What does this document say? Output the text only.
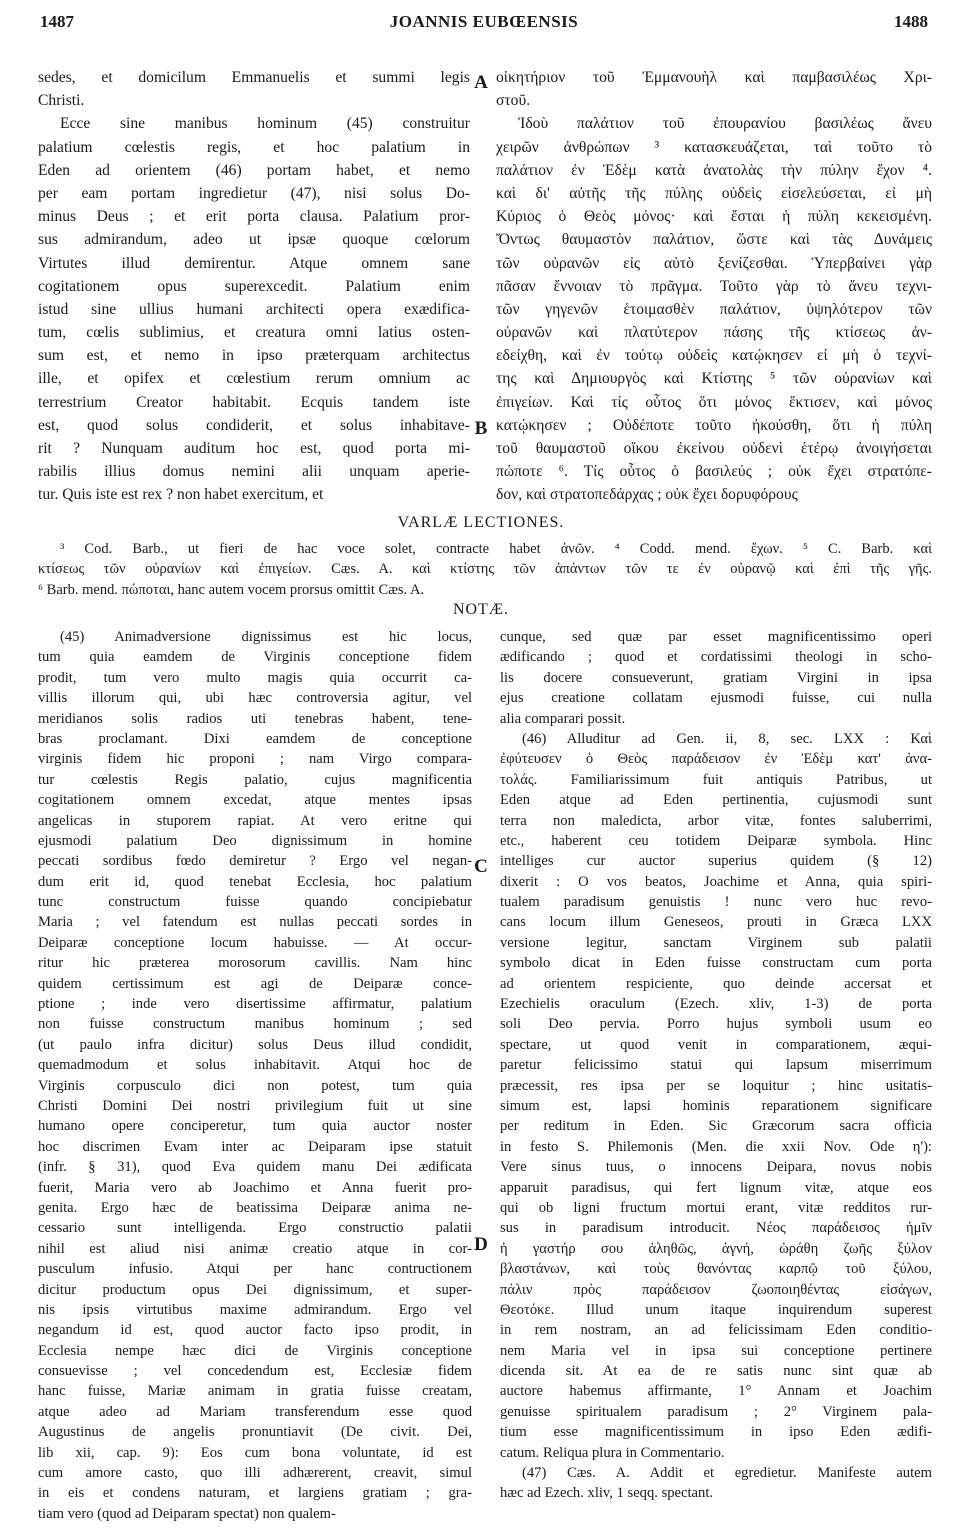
1487	JOANNIS EUBŒENSIS	1488
A
B
C
D
sedes, et domicilum Emmanuelis et summi legis
Christi.
Ecce sine manibus hominum (45) construitur
palatium cœlestis regis, et hoc palatium in
Eden ad orientem (46) portam habet, et nemo
per eam portam ingredietur (47), nisi solus Do-
minus Deus ; et erit porta clausa. Palatium pror-
sus admirandum, adeo ut ipsæ quoque cœlorum
Virtutes illud demirentur. Atque omnem sane
cogitationem opus superexcedit. Palatium enim
istud sine ullius humani architecti opera exædifica-
tum, cœlis sublimius, et creatura omni latius osten-
sum est, et nemo in ipso præterquam architectus
ille, et opifex et cœlestium rerum omnium ac
terrestrium Creator habitabit. Ecquis tandem iste
est, quod solus condiderit, et solus inhabitave-
rit ? Nunquam auditum hoc est, quod porta mi-
rabilis illius domus nemini alii unquam aperie-
tur. Quis iste est rex ? non habet exercitum, et
οἰκητήριον τοῦ Ἐμμανουὴλ καὶ παμβασιλέως Χρι-
στοῦ.
Ἰδοὺ παλάτιον τοῦ ἐπουρανίου βασιλέως ἄνευ
χειρῶν ἀνθρώπων ³ κατασκευάζεται, ταὶ τοῦτο τὸ
παλάτιον ἐν Ἐδὲμ κατὰ ἀνατολὰς τὴν πύλην ἔχον ⁴.
καὶ δι' αὐτῆς τῆς πύλης οὐδεὶς εἰσελεύσεται, εἰ μὴ
Κύριος ὁ Θεὸς μόνος· καὶ ἔσται ἡ πύλη κεκεισμένη.
Ὄντως θαυμαστὸν παλάτιον, ὥστε καὶ τὰς Δυνάμεις
τῶν οὐρανῶν εἰς αὐτὸ ξενίζεσθαι. Ὑπερβαίνει γὰρ
πᾶσαν ἔννοιαν τὸ πρᾶγμα. Τοῦτο γὰρ τὸ ἄνευ τεχνι-
τῶν γηγενῶν ἑτοιμασθὲν παλάτιον, ὑψηλότερον τῶν
οὐρανῶν καὶ πλατύτερον πάσης τῆς κτίσεως ἀν-
εδείχθη, καὶ ἐν τούτῳ οὐδεὶς κατῴκησεν εἰ μὴ ὁ τεχνί-
της καὶ Δημιουργὸς καὶ Κτίστης ⁵ τῶν οὐρανίων καὶ
ἐπιγείων. Καὶ τίς οὗτος ὅτι μόνος ἔκτισεν, καὶ μόνος
κατῴκησεν ; Οὐδέποτε τοῦτο ἠκούσθη, ὅτι ἡ πύλη
τοῦ θαυμαστοῦ οἴκου ἐκείνου οὐδενὶ ἑτέρῳ ἀνοιγήσεται
πώποτε ⁶. Τίς οὗτος ὁ βασιλεύς ; οὐκ ἔχει στρατόπε-
δον, καὶ στρατοπεδάρχας ; οὐκ ἔχει δορυφόρους
VARLÆ LECTIONES.
³ Cod. Barb., ut fieri de hac voce solet, contracte habet ἀνῶν. ⁴ Codd. mend. ἔχων. ⁵ C. Barb. καὶ
κτίσεως τῶν οὐρανίων καὶ ἐπιγείων. Cæs. A. καὶ κτίστης τῶν ἁπάντων τῶν τε ἐν οὐρανῷ καὶ ἐπὶ τῆς γῆς.
⁶ Barb. mend. πώποται, hanc autem vocem prorsus omittit Cæs. A.
NOTÆ.
(45) Animadversione dignissimus est hic locus,
tum quia eamdem de Virginis conceptione fidem
prodit, tum vero multo magis quia occurrit ca-
villis illorum qui, ubi hæc controversia agitur, vel
meridianos solis radios uti tenebras habent, tene-
bras proclamant. Dixi eamdem de conceptione
virginis fidem hic proponi ; nam Virgo compara-
tur cœlestis Regis palatio, cujus magnificentia
cogitationem omnem excedat, atque mentes ipsas
angelicas in stuporem rapiat. At vero eritne qui
ejusmodi palatium Deo dignissimum in homine
peccati sordibus fœdo demiretur ? Ergo vel negan-
dum erit id, quod tenebat Ecclesia, hoc palatium
tunc constructum fuisse quando concipiebatur
Maria ; vel fatendum est nullas peccati sordes in
Deiparæ conceptione locum habuisse. — At occur-
ritur hic præterea morosorum cavillis. Nam hinc
quidem certissimum est agi de Deiparæ conce-
ptione ; inde vero disertissime affirmatur, palatium
non fuisse constructum manibus hominum ; sed
(ut paulo infra dicitur) solus Deus illud condidit,
quemadmodum et solus inhabitavit. Atqui hoc de
Virginis corpusculo dici non potest, tum quia
Christi Domini Dei nostri privilegium fuit ut sine
humano opere conciperetur, tum quia auctor noster
hoc discrimen Evam inter ac Deiparam ipse statuit
(infr. § 31), quod Eva quidem manu Dei ædificata
fuerit, Maria vero ab Joachimo et Anna fuerit pro-
genita. Ergo hæc de beatissima Deiparæ anima ne-
cessario sunt intelligenda. Ergo constructio palatii
nihil est aliud nisi animæ creatio atque in cor-
pusculum infusio. Atqui per hanc contructionem
dicitur productum opus Dei dignissimum, et super-
nis ipsis virtutibus maxime admirandum. Ergo vel
negandum id est, quod auctor facto ipso prodit, in
Ecclesia nempe hæc dici de Virginis conceptione
consuevisse ; vel concedendum est, Ecclesiæ fidem
hanc fuisse, Mariæ animam in gratia fuisse creatam,
atque adeo ad Mariam transferendum esse quod
Augustinus de angelis pronuntiavit (De civit. Dei,
lib xii, cap. 9): Eos cum bona voluntate, id est
cum amore casto, quo illi adhærerent, creavit, simul
in eis et condens naturam, et largiens gratiam ; gra-
tiam vero (quod ad Deiparam spectat) non qualem-
cunque, sed quæ par esset magnificentissimo operi
ædificando ; quod et cordatissimi theologi in scho-
lis docere consueverunt, gratiam Virgini in ipsa
ejus creatione collatam ejusmodi fuisse, cui nulla
alia comparari possit.
(46) Alluditur ad Gen. ii, 8, sec. LXX : Καὶ
ἐφύτευσεν ὁ Θεὸς παράδεισον ἐν Ἐδὲμ κατ' ἀνα-
τολάς. Familiarissimum fuit antiquis Patribus, ut
Eden atque ad Eden pertinentia, cujusmodi sunt
terra non maledicta, arbor vitæ, fontes saluberrimi,
etc., haberent ceu totidem Deiparæ symbola. Hinc
intelliges cur auctor superius quidem (§ 12)
dixerit : O vos beatos, Joachime et Anna, quia spiri-
tualem paradisum genuistis ! nunc vero huc revo-
cans locum illum Geneseos, prouti in Græca LXX
versione legitur, sanctam Virginem sub palatii
symbolo dicat in Eden fuisse constructam cum porta
ad orientem respiciente, quo deinde accersat et
Ezechielis oraculum (Ezech. xliv, 1-3) de porta
soli Deo pervia. Porro hujus symboli usum eo
spectare, ut quod venit in comparationem, æqui-
paretur felicissimo statui qui lapsum miserrimum
præcessit, res ipsa per se loquitur ; hinc usitatis-
simum est, lapsi hominis reparationem significare
per reditum in Eden. Sic Græcorum sacra officia
in festo S. Philemonis (Men. die xxii Nov. Ode η'):
Vere sinus tuus, o innocens Deipara, novus nobis
apparuit paradisus, qui fert lignum vitæ, atque eos
qui ob ligni fructum mortui erant, vitæ redditos rur-
sus in paradisum introducit. Νέος παράδεισος ἡμῖν
ἡ γαστήρ σου ἀληθῶς, ἁγνή, ὡράθη ζωῆς ξύλον
βλαστάνων, καὶ τοὺς θανόντας καρπῷ τοῦ ξύλου,
πάλιν πρὸς παράδεισον ζωοποιηθέντας εἰσάγων,
Θεοτόκε. Illud unum itaque inquirendum superest
in rem nostram, an ad felicissimam Eden conditio-
nem Maria vel in ipsa sui conceptione pertinere
dicenda sit. At ea de re satis nunc sint quæ ab
auctore habemus affirmante, 1° Annam et Joachim
genuisse spiritualem paradisum ; 2° Virginem pala-
tium esse magnificentissimum in ipso Eden ædifi-
catum. Reliqua plura in Commentario.
(47) Cæs. A. Addit et egredietur. Manifeste autem
hæc ad Ezech. xliv, 1 seqq. spectant.
